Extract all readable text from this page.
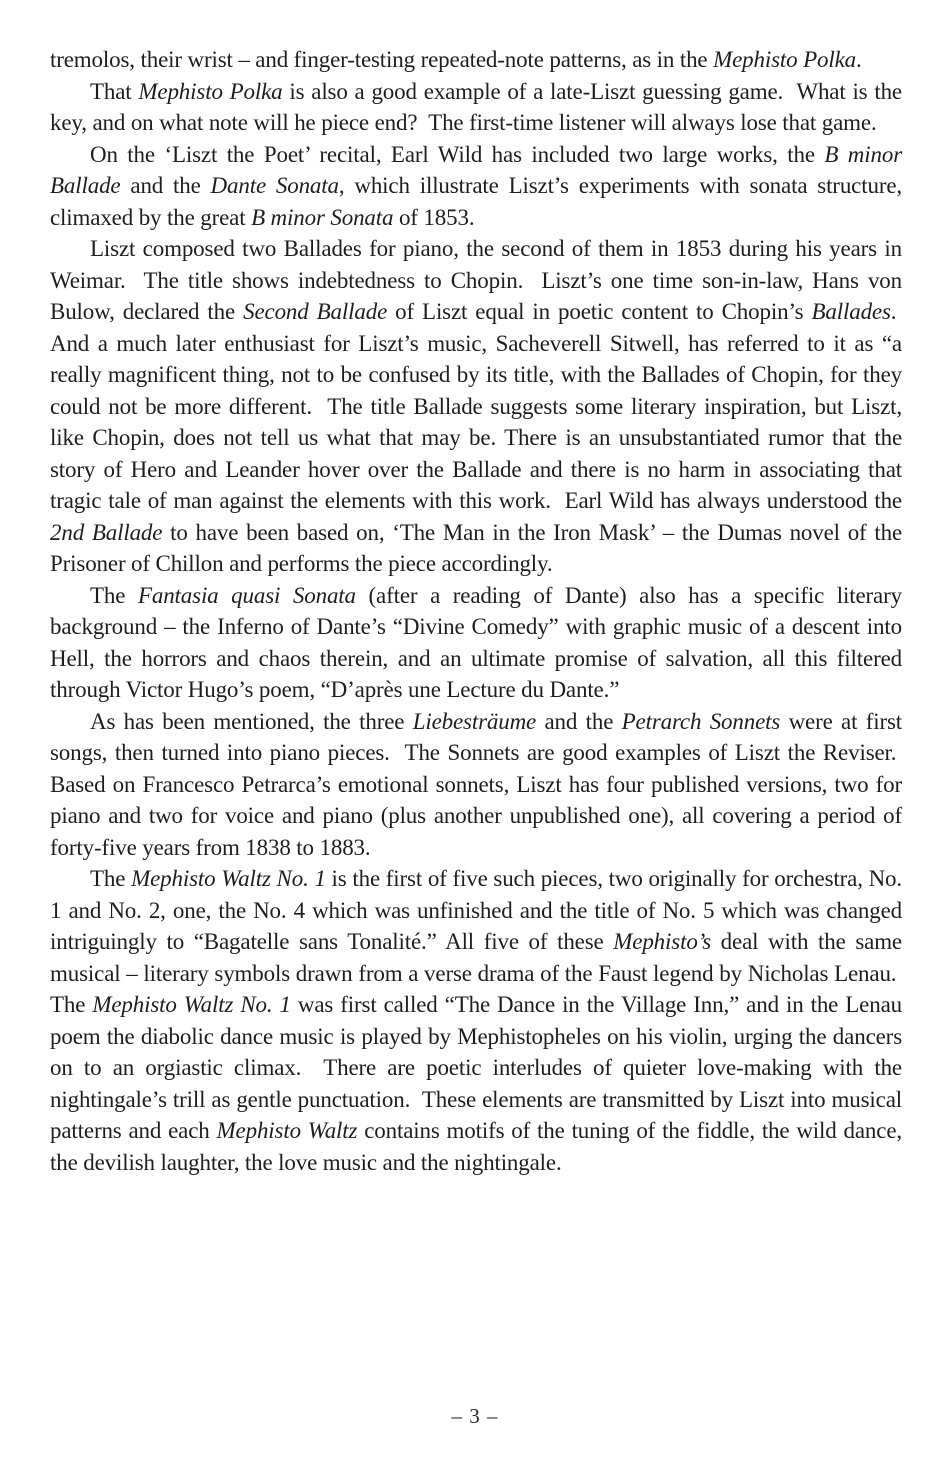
tremolos, their wrist – and finger-testing repeated-note patterns, as in the Mephisto Polka.

That Mephisto Polka is also a good example of a late-Liszt guessing game.  What is the key, and on what note will he piece end?  The first-time listener will always lose that game.

On the ‘Liszt the Poet’ recital, Earl Wild has included two large works, the B minor Ballade and the Dante Sonata, which illustrate Liszt’s experiments with sonata structure, climaxed by the great B minor Sonata of 1853.

Liszt composed two Ballades for piano, the second of them in 1853 during his years in Weimar.  The title shows indebtedness to Chopin.  Liszt’s one time son-in-law, Hans von Bulow, declared the Second Ballade of Liszt equal in poetic content to Chopin’s Ballades.  And a much later enthusiast for Liszt’s music, Sacheverell Sitwell, has referred to it as “a really magnificent thing, not to be confused by its title, with the Ballades of Chopin, for they could not be more different.  The title Ballade suggests some literary inspiration, but Liszt, like Chopin, does not tell us what that may be. There is an unsubstantiated rumor that the story of Hero and Leander hover over the Ballade and there is no harm in associating that tragic tale of man against the elements with this work.  Earl Wild has always understood the 2nd Ballade to have been based on, ‘The Man in the Iron Mask’ – the Dumas novel of the Prisoner of Chillon and performs the piece accordingly.

The Fantasia quasi Sonata (after a reading of Dante) also has a specific literary background – the Inferno of Dante’s “Divine Comedy” with graphic music of a descent into Hell, the horrors and chaos therein, and an ultimate promise of salvation, all this filtered through Victor Hugo’s poem, “D’après une Lecture du Dante.”

As has been mentioned, the three Liebesträume and the Petrarch Sonnets were at first songs, then turned into piano pieces.  The Sonnets are good examples of Liszt the Reviser.  Based on Francesco Petrarca’s emotional sonnets, Liszt has four published versions, two for piano and two for voice and piano (plus another unpublished one), all covering a period of forty-five years from 1838 to 1883.

The Mephisto Waltz No. 1 is the first of five such pieces, two originally for orchestra, No. 1 and No. 2, one, the No. 4 which was unfinished and the title of No. 5 which was changed intriguingly to “Bagatelle sans Tonalité.” All five of these Mephisto’s deal with the same musical – literary symbols drawn from a verse drama of the Faust legend by Nicholas Lenau.  The Mephisto Waltz No. 1 was first called “The Dance in the Village Inn,” and in the Lenau poem the diabolic dance music is played by Mephistopheles on his violin, urging the dancers on to an orgiastic climax.  There are poetic interludes of quieter love-making with the nightingale’s trill as gentle punctuation.  These elements are transmitted by Liszt into musical patterns and each Mephisto Waltz contains motifs of the tuning of the fiddle, the wild dance, the devilish laughter, the love music and the nightingale.

– 3 –
